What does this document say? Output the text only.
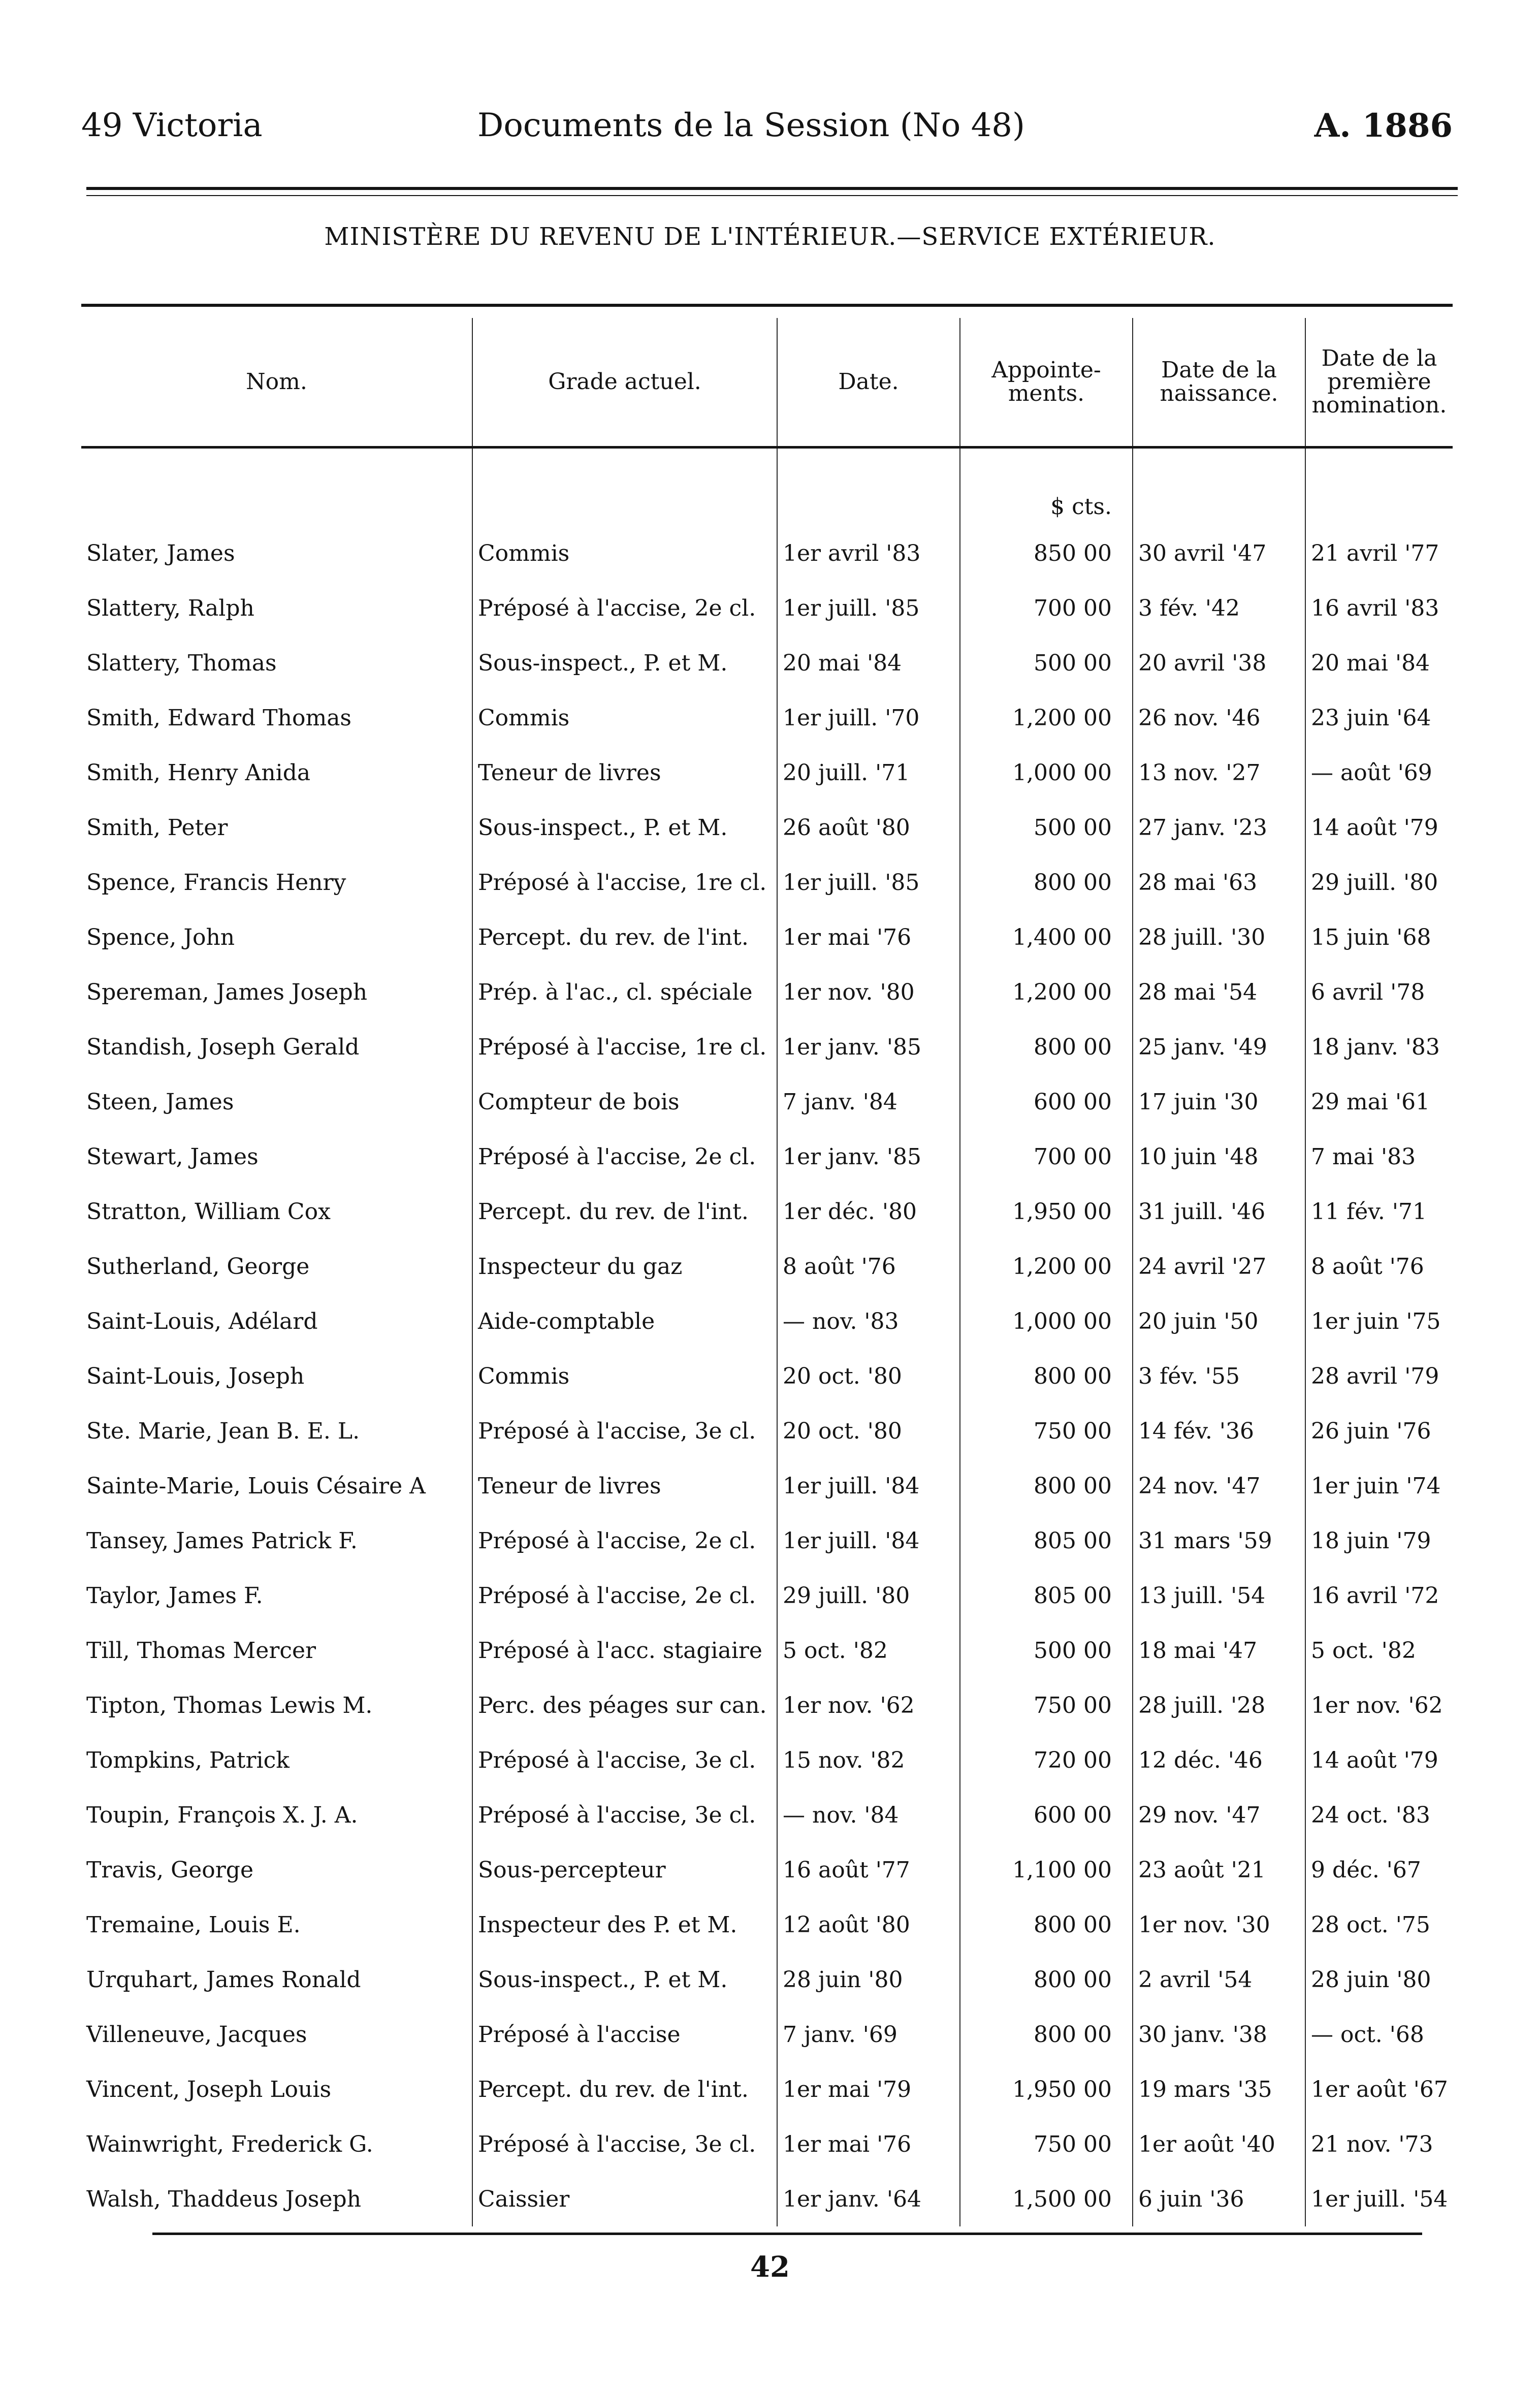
49 Victoria	Documents de la Session (No 48)	A. 1886
MINISTÈRE DU REVENU DE L'INTÉRIEUR.—SERVICE EXTÉRIEUR.
Nom.	Grade actuel.	Date.	Appointe-ments.	Date de la naissance.	Date de la première nomination.
			$ cts.		
Slater, James	Commis	1er avril '83	850 00	30 avril '47	21 avril '77
Slattery, Ralph	Préposé à l'accise, 2e cl.	1er juill. '85	700 00	3 fév. '42	16 avril '83
Slattery, Thomas	Sous-inspect., P. et M.	20 mai '84	500 00	20 avril '38	20 mai '84
Smith, Edward Thomas	Commis	1er juill. '70	1,200 00	26 nov. '46	23 juin '64
Smith, Henry Anida	Teneur de livres	20 juill. '71	1,000 00	13 nov. '27	— août '69
Smith, Peter	Sous-inspect., P. et M.	26 août '80	500 00	27 janv. '23	14 août '79
Spence, Francis Henry	Préposé à l'accise, 1re cl.	1er juill. '85	800 00	28 mai '63	29 juill. '80
Spence, John	Percept. du rev. de l'int.	1er mai '76	1,400 00	28 juill. '30	15 juin '68
Spereman, James Joseph	Prép. à l'ac., cl. spéciale	1er nov. '80	1,200 00	28 mai '54	6 avril '78
Standish, Joseph Gerald	Préposé à l'accise, 1re cl.	1er janv. '85	800 00	25 janv. '49	18 janv. '83
Steen, James	Compteur de bois	7 janv. '84	600 00	17 juin '30	29 mai '61
Stewart, James	Préposé à l'accise, 2e cl.	1er janv. '85	700 00	10 juin '48	7 mai '83
Stratton, William Cox	Percept. du rev. de l'int.	1er déc. '80	1,950 00	31 juill. '46	11 fév. '71
Sutherland, George	Inspecteur du gaz	8 août '76	1,200 00	24 avril '27	8 août '76
Saint-Louis, Adélard	Aide-comptable	— nov. '83	1,000 00	20 juin '50	1er juin '75
Saint-Louis, Joseph	Commis	20 oct. '80	800 00	3 fév. '55	28 avril '79
Ste. Marie, Jean B. E. L.	Préposé à l'accise, 3e cl.	20 oct. '80	750 00	14 fév. '36	26 juin '76
Sainte-Marie, Louis Césaire A	Teneur de livres	1er juill. '84	800 00	24 nov. '47	1er juin '74
Tansey, James Patrick F.	Préposé à l'accise, 2e cl.	1er juill. '84	805 00	31 mars '59	18 juin '79
Taylor, James F.	Préposé à l'accise, 2e cl.	29 juill. '80	805 00	13 juill. '54	16 avril '72
Till, Thomas Mercer	Préposé à l'acc. stagiaire	5 oct. '82	500 00	18 mai '47	5 oct. '82
Tipton, Thomas Lewis M.	Perc. des péages sur can.	1er nov. '62	750 00	28 juill. '28	1er nov. '62
Tompkins, Patrick	Préposé à l'accise, 3e cl.	15 nov. '82	720 00	12 déc. '46	14 août '79
Toupin, François X. J. A.	Préposé à l'accise, 3e cl.	— nov. '84	600 00	29 nov. '47	24 oct. '83
Travis, George	Sous-percepteur	16 août '77	1,100 00	23 août '21	9 déc. '67
Tremaine, Louis E.	Inspecteur des P. et M.	12 août '80	800 00	1er nov. '30	28 oct. '75
Urquhart, James Ronald	Sous-inspect., P. et M.	28 juin '80	800 00	2 avril '54	28 juin '80
Villeneuve, Jacques	Préposé à l'accise	7 janv. '69	800 00	30 janv. '38	— oct. '68
Vincent, Joseph Louis	Percept. du rev. de l'int.	1er mai '79	1,950 00	19 mars '35	1er août '67
Wainwright, Frederick G.	Préposé à l'accise, 3e cl.	1er mai '76	750 00	1er août '40	21 nov. '73
Walsh, Thaddeus Joseph	Caissier	1er janv. '64	1,500 00	6 juin '36	1er juill. '54
42
